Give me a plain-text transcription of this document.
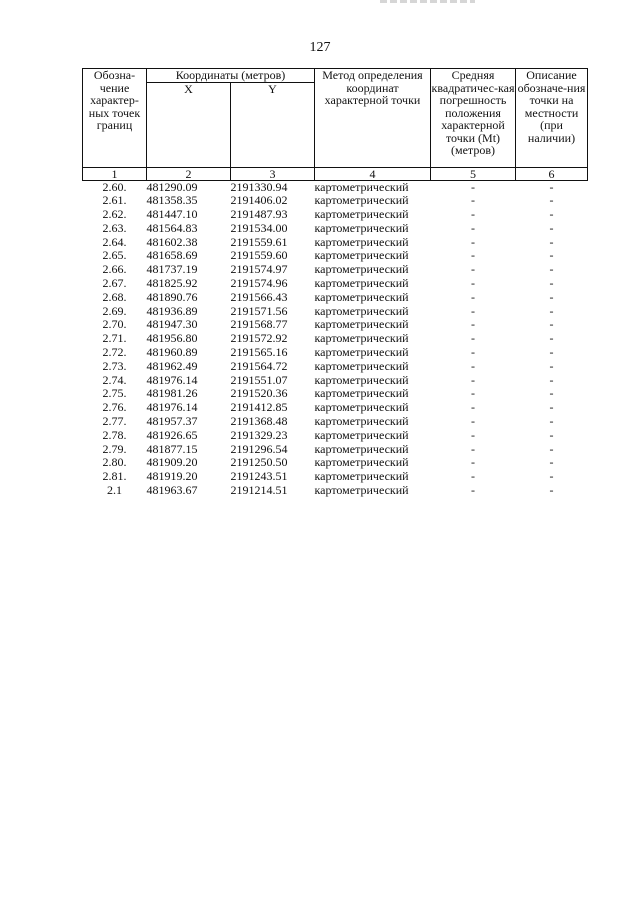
127
Обозна-чение характер-ных точек границ	Координаты (метров)		Метод определения координат характерной точки	Средняя квадратичес-кая погрешность положения характерной точки (Mt) (метров)	Описание обозначе-ния точки на местности (при наличии)
	X	Y			
1	2	3	4	5	6
2.60.	481290.09	2191330.94	картометрический	-	-
2.61.	481358.35	2191406.02	картометрический	-	-
2.62.	481447.10	2191487.93	картометрический	-	-
2.63.	481564.83	2191534.00	картометрический	-	-
2.64.	481602.38	2191559.61	картометрический	-	-
2.65.	481658.69	2191559.60	картометрический	-	-
2.66.	481737.19	2191574.97	картометрический	-	-
2.67.	481825.92	2191574.96	картометрический	-	-
2.68.	481890.76	2191566.43	картометрический	-	-
2.69.	481936.89	2191571.56	картометрический	-	-
2.70.	481947.30	2191568.77	картометрический	-	-
2.71.	481956.80	2191572.92	картометрический	-	-
2.72.	481960.89	2191565.16	картометрический	-	-
2.73.	481962.49	2191564.72	картометрический	-	-
2.74.	481976.14	2191551.07	картометрический	-	-
2.75.	481981.26	2191520.36	картометрический	-	-
2.76.	481976.14	2191412.85	картометрический	-	-
2.77.	481957.37	2191368.48	картометрический	-	-
2.78.	481926.65	2191329.23	картометрический	-	-
2.79.	481877.15	2191296.54	картометрический	-	-
2.80.	481909.20	2191250.50	картометрический	-	-
2.81.	481919.20	2191243.51	картометрический	-	-
2.1	481963.67	2191214.51	картометрический	-	-
